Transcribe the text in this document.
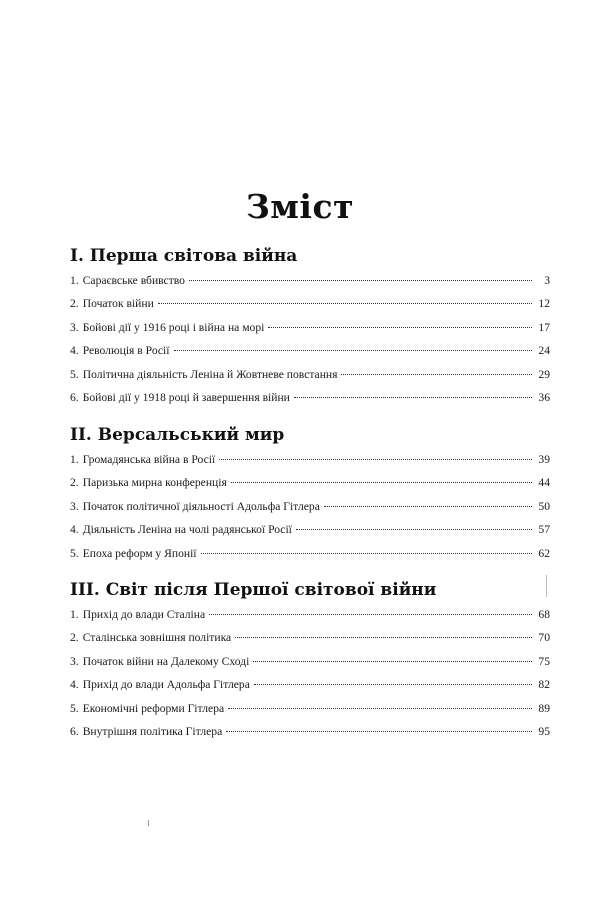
Зміст
I. Перша світова війна
1. Сараєвське вбивство	3
2. Початок війни	12
3. Бойові дії у 1916 році і війна на морі	17
4. Революція в Росії	24
5. Політична діяльність Леніна й Жовтневе повстання	29
6. Бойові дії у 1918 році й завершення війни	36
II. Версальський мир
1. Громадянська війна в Росії	39
2. Паризька мирна конференція	44
3. Початок політичної діяльності Адольфа Гітлера	50
4. Діяльність Леніна на чолі радянської Росії	57
5. Епоха реформ у Японії	62
III. Світ після Першої світової війни
1. Прихід до влади Сталіна	68
2. Сталінська зовнішня політика	70
3. Початок війни на Далекому Сході	75
4. Прихід до влади Адольфа Гітлера	82
5. Економічні реформи Гітлера	89
6. Внутрішня політика Гітлера	95
